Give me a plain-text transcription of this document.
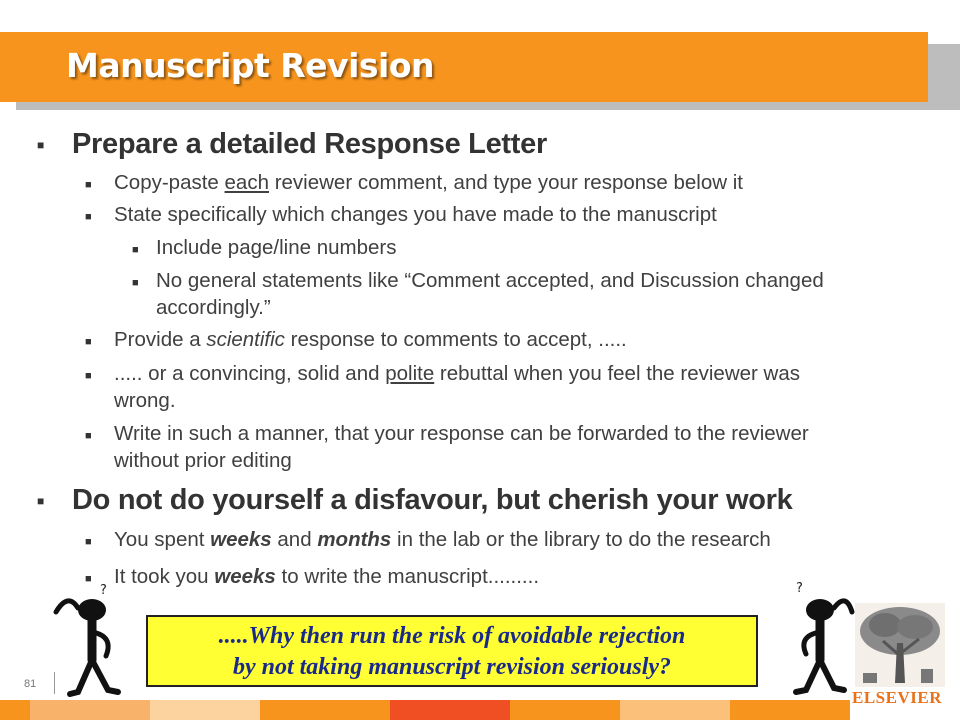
Manuscript Revision
■ Prepare a detailed Response Letter
■ Copy-paste each reviewer comment, and type your response below it
■ State specifically which changes you have made to the manuscript
■ Include page/line numbers
■ No general statements like “Comment accepted, and Discussion changed
accordingly.”
■ Provide a scientific response to comments to accept, .....
■ ..... or a convincing, solid and polite rebuttal when you feel the reviewer was
wrong.
■ Write in such a manner, that your response can be forwarded to the reviewer
without prior editing
■ Do not do yourself a disfavour, but cherish your work
■ You spent weeks and months in the lab or the library to do the research
■ It took you weeks to write the manuscript.........
?
.....Why then run the risk of avoidable rejection
by not taking manuscript revision seriously?
?
ELSEVIER
81
